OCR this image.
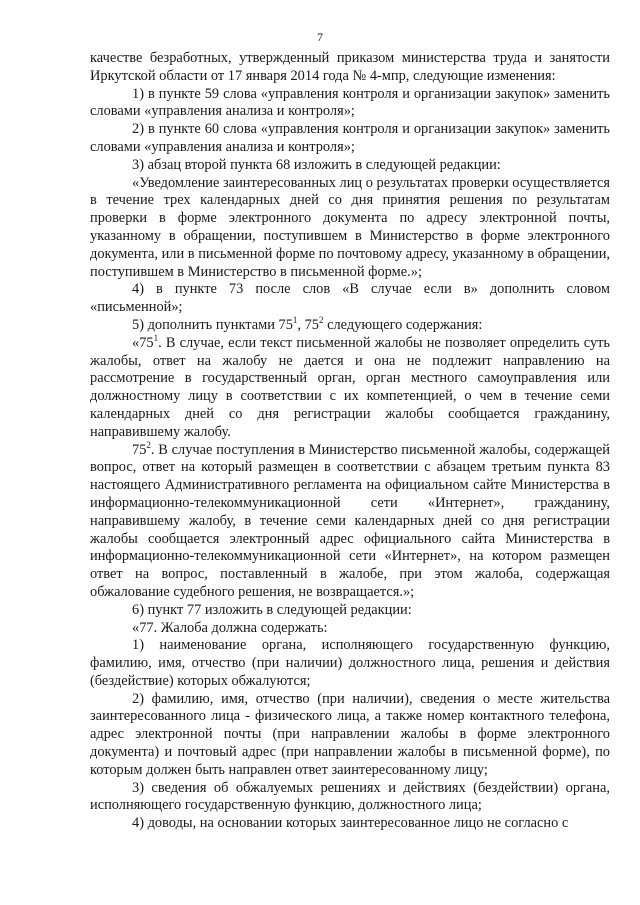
7

качестве безработных, утвержденный приказом министерства труда и занятости Иркутской области от 17 января 2014 года № 4-мпр, следующие изменения:

1) в пункте 59 слова «управления контроля и организации закупок» заменить словами «управления анализа и контроля»;

2) в пункте 60 слова «управления контроля и организации закупок» заменить словами «управления анализа и контроля»;

3) абзац второй пункта 68 изложить в следующей редакции:

«Уведомление заинтересованных лиц о результатах проверки осуществляется в течение трех календарных дней со дня принятия решения по результатам проверки в форме электронного документа по адресу электронной почты, указанному в обращении, поступившем в Министерство в форме электронного документа, или в письменной форме по почтовому адресу, указанному в обращении, поступившем в Министерство в письменной форме.»;

4) в пункте 73 после слов «В случае если в» дополнить словом «письменной»;

5) дополнить пунктами $75^1$, $75^2$ следующего содержания:

«$75^1$. В случае, если текст письменной жалобы не позволяет определить суть жалобы, ответ на жалобу не дается и она не подлежит направлению на рассмотрение в государственный орган, орган местного самоуправления или должностному лицу в соответствии с их компетенцией, о чем в течение семи календарных дней со дня регистрации жалобы сообщается гражданину, направившему жалобу.

$75^2$. В случае поступления в Министерство письменной жалобы, содержащей вопрос, ответ на который размещен в соответствии с абзацем третьим пункта 83 настоящего Административного регламента на официальном сайте Министерства в информационно-телекоммуникационной сети «Интернет», гражданину, направившему жалобу, в течение семи календарных дней со дня регистрации жалобы сообщается электронный адрес официального сайта Министерства в информационно-телекоммуникационной сети «Интернет», на котором размещен ответ на вопрос, поставленный в жалобе, при этом жалоба, содержащая обжалование судебного решения, не возвращается.»;

6) пункт 77 изложить в следующей редакции:

«77. Жалоба должна содержать:

1) наименование органа, исполняющего государственную функцию, фамилию, имя, отчество (при наличии) должностного лица, решения и действия (бездействие) которых обжалуются;

2) фамилию, имя, отчество (при наличии), сведения о месте жительства заинтересованного лица - физического лица, а также номер контактного телефона, адрес электронной почты (при направлении жалобы в форме электронного документа) и почтовый адрес (при направлении жалобы в письменной форме), по которым должен быть направлен ответ заинтересованному лицу;

3) сведения об обжалуемых решениях и действиях (бездействии) органа, исполняющего государственную функцию, должностного лица;

4) доводы, на основании которых заинтересованное лицо не согласно с
